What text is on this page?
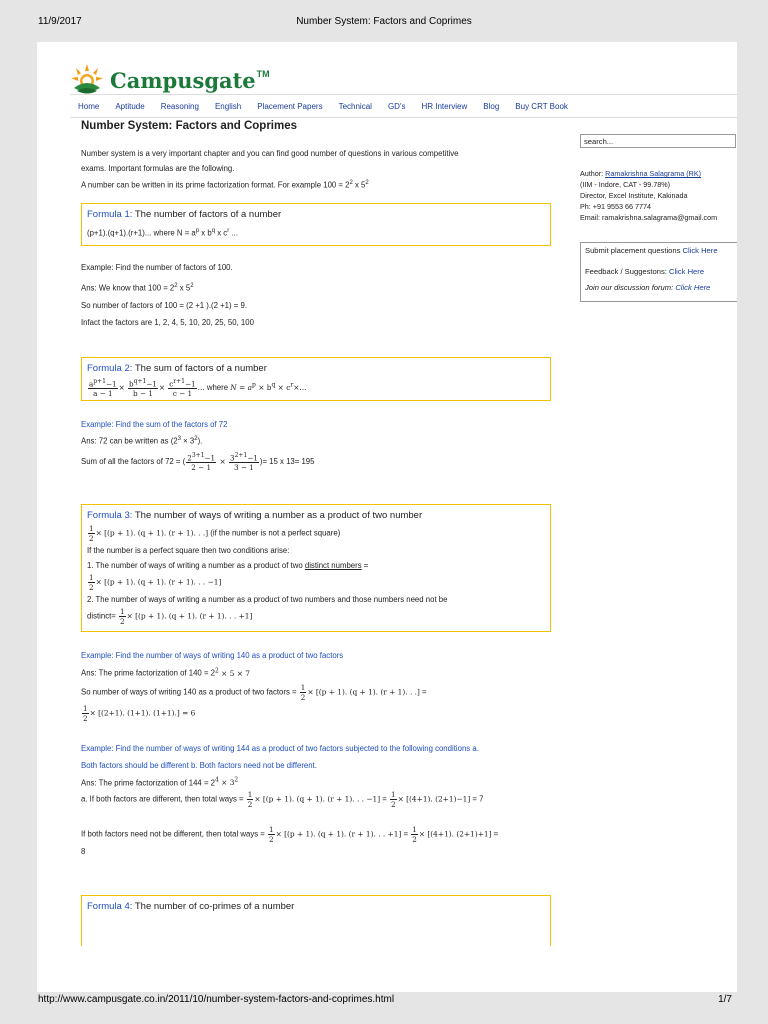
11/9/2017	Number System: Factors and Coprimes
Campusgate TM
Home Aptitude Reasoning English Placement Papers Technical GD's HR Interview Blog Buy CRT Book
Number System: Factors and Coprimes

Number system is a very important chapter and you can find good number of questions in various competitive

exams. Important formulas are the following.

A number can be written in its prime factorization format. For example $100 = 2^2$ x $5^2$

Formula 1: The number of factors of a number

(p+1).(q+1).(r+1)... where $N = a^p$ x $b^q$ x $c^r$ ...

Example: Find the number of factors of 100.

Ans: We know that $100 = 2^2$ x $5^2$

So number of factors of 100 = (2 +1 ).(2 +1) = 9.

Infact the factors are 1, 2, 4, 5, 10, 20, 25, 50, 100

Formula 2: The sum of factors of a number
$\frac{a^{p+1}-1}{a - 1} \times \frac{b^{q+1}-1}{b - 1} \times \frac{c^{r+1}-1}{c - 1}$ ... where $N = a^p \times b^q \times c^r\times$...

Example: Find the sum of the factors of 72

Ans: 72 can be written as $(2^3 \times 3^2)$.

Sum of all the factors of 72 = ( $\frac{2^{3+1}-1}{2 - 1} \times \frac{3^{2+1}-1}{3 - 1}$ )= 15 x 13= 195
Formula 3: The number of ways of writing a number as a product of two number
$\frac{1}{2} \times [(p + 1)$. (q + 1). (r + 1). . .] (if the number is not a perfect square)

If the number is a perfect square then two conditions arise:

1. The number of ways of writing a number as a product of two distinct numbers =

$\frac{1}{2} \times [(p + 1)$. (q + 1). (r + 1). . . −1]

2. The number of ways of writing a number as a product of two numbers and those numbers need not be

distinct= $\frac{1}{2} \times [(p + 1)$. (q + 1). (r + 1). . . +1]

Example: Find the number of ways of writing 140 as a product of two factors

Ans: The prime factorization of $140 = 2^2 \times 5 \times 7$

So number of ways of writing 140 as a product of two factors = $\frac{1}{2} \times [(p + 1)$. (q + 1). (r + 1). . .] =
$\frac{1}{2} \times [(2+1)$. (1+1). (1+1).] = 6

Example: Find the number of ways of writing 144 as a product of two factors subjected to the following conditions a.

Both factors should be different b. Both factors need not be different.

Ans: The prime factorization of $144 = 2^4 \times 3^2$

a. If both factors are different, then total ways = $\frac{1}{2} \times [(p + 1)$. (q + 1). (r + 1). . . $-1] = \frac{1}{2} \times [(4+1)$. (2+1)−1] = 7
If both factors need not be different, then total ways = $\frac{1}{2} \times [(p + 1)$. (q + 1). (r + 1). . . $+1] = \frac{1}{2} \times [(4+1)$. (2+1)+1] =

8

Formula 4: The number of co-primes of a number
search...
Author: Ramakrishna Salagrama (RK)
(IIM - Indore, CAT - 99.78%)
Director, Excel Institute, Kakinada
Ph: +91 9553 66 7774
Email: ramakrishna.salagrama@gmail.com
Submit placement questions Click Here
Feedback / Suggestons: Click Here
Join our discussion forum: Click Here
http://www.campusgate.co.in/2011/10/number-system-factors-and-coprimes.html	1/7
